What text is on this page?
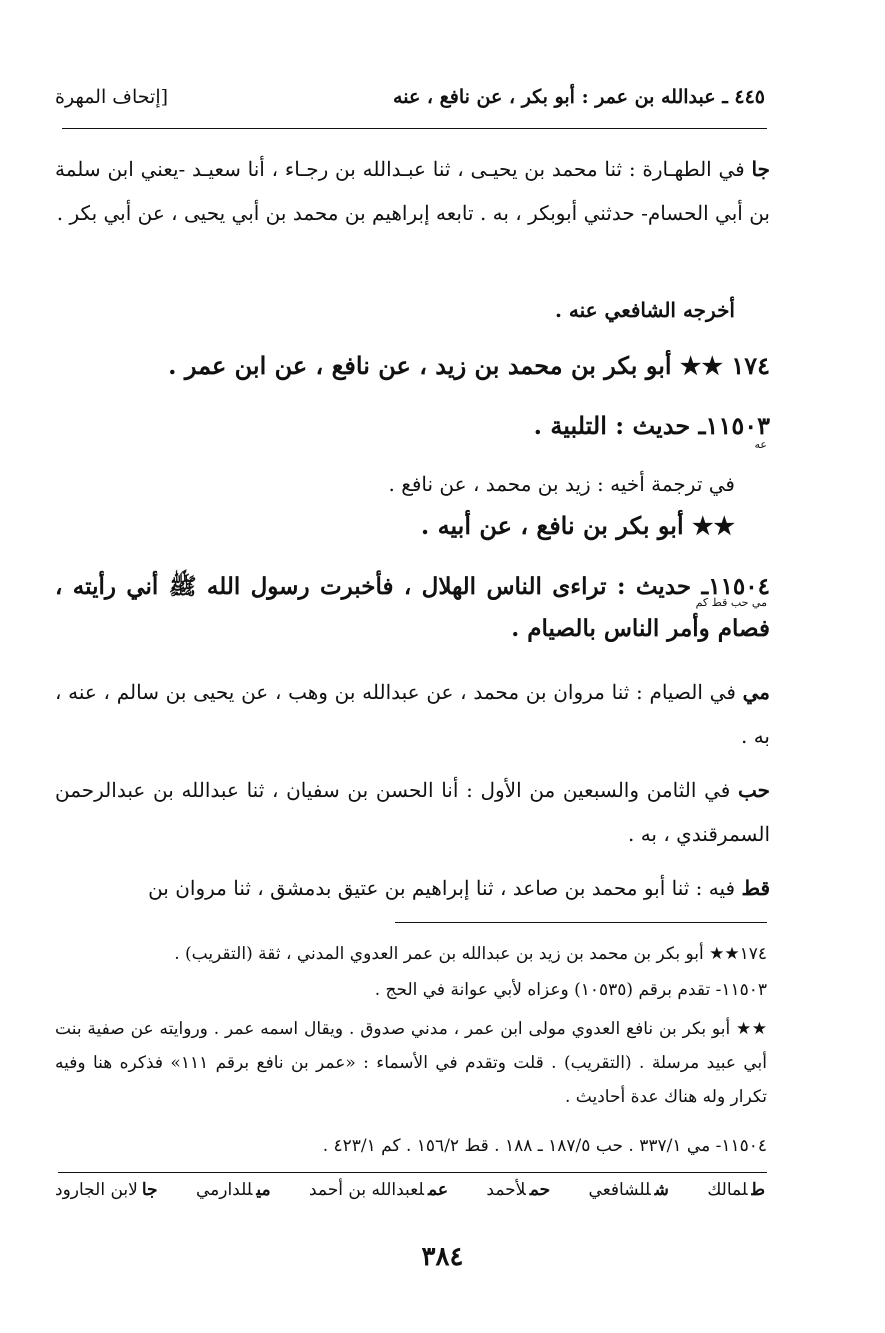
٤٤٥ ـ عبدالله بن عمر : أبو بكر ، عن نافع ، عنه
[إتحاف المهرة
جا في الطهـارة : ثنا محمد بن يحيـى ، ثنا عبـدالله بن رجـاء ، أنا سعيـد -يعني ابن سلمة بن أبي الحسام- حدثني أبوبكر ، به . تابعه إبراهيم بن محمد بن أبي يحيى ، عن أبي بكر .
أخرجه الشافعي عنه .
١٧٤ ★★ أبو بكر بن محمد بن زيد ، عن نافع ، عن ابن عمر .
١١٥٠٣ـ حديث : التلبية .
عه
في ترجمة أخيه : زيد بن محمد ، عن نافع .
★★ أبو بكر بن نافع ، عن أبيه .
١١٥٠٤ـ حديث : تراءى الناس الهلال ، فأخبرت رسول الله ﷺ أني رأيته ، فصام وأمر الناس بالصيام .
مي حب قط كم
مي في الصيام : ثنا مروان بن محمد ، عن عبدالله بن وهب ، عن يحيى بن سالم ، عنه ، به .
حب في الثامن والسبعين من الأول : أنا الحسن بن سفيان ، ثنا عبدالله بن عبدالرحمن السمرقندي ، به .
قط فيه : ثنا أبو محمد بن صاعد ، ثنا إبراهيم بن عتيق بدمشق ، ثنا مروان بن
١٧٤★★ أبو بكر بن محمد بن زيد بن عبدالله بن عمر العدوي المدني ، ثقة (التقريب) .
١١٥٠٣- تقدم برقم (١٠٥٣٥) وعزاه لأبي عوانة في الحج .
★★ أبو بكر بن نافع العدوي مولى ابن عمر ، مدني صدوق . ويقال اسمه عمر . وروايته عن صفية بنت أبي عبيد مرسلة . (التقريب) . قلت وتقدم في الأسماء : «عمر بن نافع برقم ١١١» فذكره هنا وفيه تكرار وله هناك عدة أحاديث .
١١٥٠٤- مي ٣٣٧/١ . حب ١٨٧/٥ ـ ١٨٨ . قط ١٥٦/٢ . كم ٤٢٣/١ .
طلمالك
شللشافعي
حملأحمد
عملعبدالله بن أحمد
ميللدارمي
جالابن الجارود
٣٨٤
